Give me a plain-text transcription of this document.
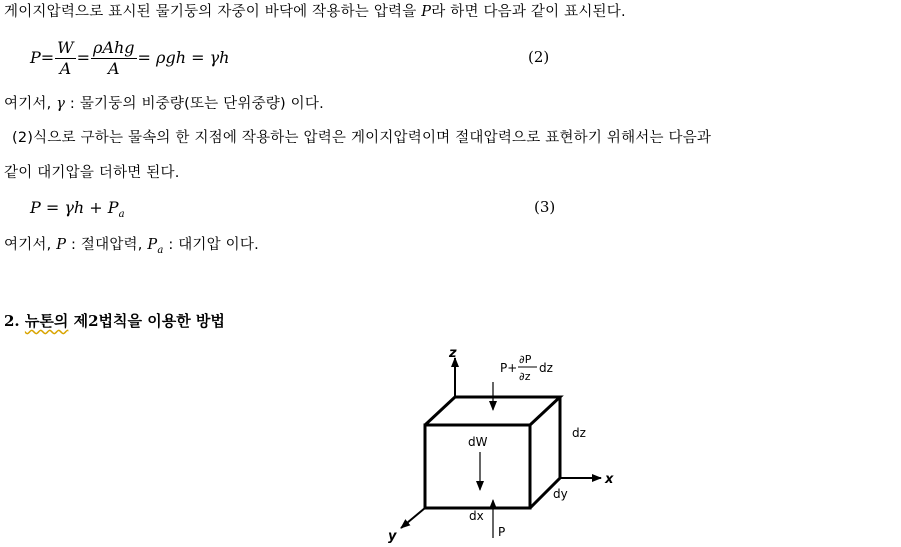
게이지압력으로 표시된 물기둥의 자중이 바닥에 작용하는 압력을 P라 하면 다음과 같이 표시된다.
$P= \frac{W}{A} = \frac{\text{ρAhg}}{A} = \rho gh = \gamma h$	(2)
여기서, γ : 물기둥의 비중량(또는 단위중량) 이다.
(2)식으로 구하는 물속의 한 지점에 작용하는 압력은 게이지압력이며 절대압력으로 표현하기 위해서는 다음과
같이 대기압을 더하면 된다.
$P = \gamma h + P_a$	(3)
여기서, P : 절대압력, $P_a$ : 대기압 이다.
2. 뉴톤의 제2법칙을 이용한 방법
z
x
y
P+
∂P
∂z
dz
dW
P
dz
dy
dx
